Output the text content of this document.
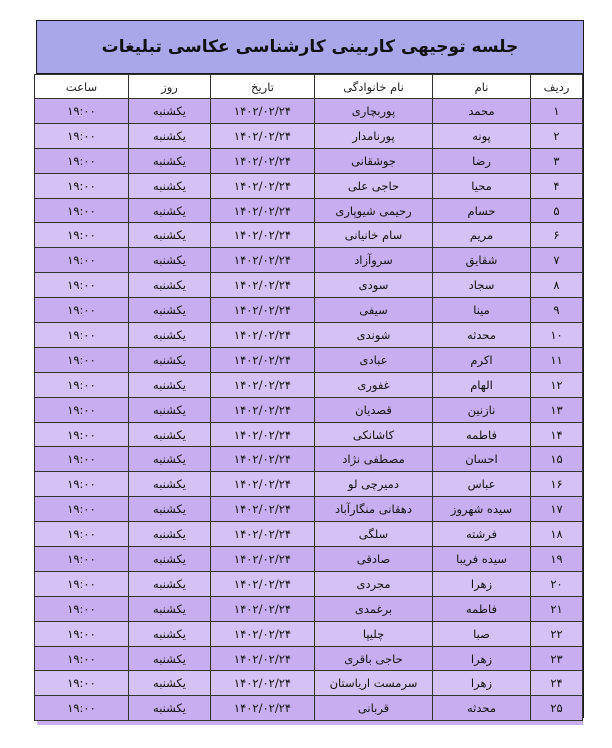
جلسه توجیهی کاربینی کارشناسی عکاسی تبلیغات
ردیف	نام	نام خانوادگی	تاریخ	روز	ساعت
۱	محمد	پوربچاری	۱۴۰۲/۰۲/۲۴	یکشنبه	۱۹:۰۰
۲	پونه	پورنامدار	۱۴۰۲/۰۲/۲۴	یکشنبه	۱۹:۰۰
۳	رضا	جوشقانی	۱۴۰۲/۰۲/۲۴	یکشنبه	۱۹:۰۰
۴	محیا	حاجی علی	۱۴۰۲/۰۲/۲۴	یکشنبه	۱۹:۰۰
۵	حسام	رحیمی شیوپاری	۱۴۰۲/۰۲/۲۴	یکشنبه	۱۹:۰۰
۶	مریم	سام خانیانی	۱۴۰۲/۰۲/۲۴	یکشنبه	۱۹:۰۰
۷	شقایق	سروآزاد	۱۴۰۲/۰۲/۲۴	یکشنبه	۱۹:۰۰
۸	سجاد	سودی	۱۴۰۲/۰۲/۲۴	یکشنبه	۱۹:۰۰
۹	مینا	سیفی	۱۴۰۲/۰۲/۲۴	یکشنبه	۱۹:۰۰
۱۰	محدثه	شوندی	۱۴۰۲/۰۲/۲۴	یکشنبه	۱۹:۰۰
۱۱	اکرم	عبادی	۱۴۰۲/۰۲/۲۴	یکشنبه	۱۹:۰۰
۱۲	الهام	غفوری	۱۴۰۲/۰۲/۲۴	یکشنبه	۱۹:۰۰
۱۳	نازنین	قصدیان	۱۴۰۲/۰۲/۲۴	یکشنبه	۱۹:۰۰
۱۴	فاطمه	کاشانکی	۱۴۰۲/۰۲/۲۴	یکشنبه	۱۹:۰۰
۱۵	احسان	مصطفی نژاد	۱۴۰۲/۰۲/۲۴	یکشنبه	۱۹:۰۰
۱۶	عباس	دمیرچی لو	۱۴۰۲/۰۲/۲۴	یکشنبه	۱۹:۰۰
۱۷	سیده شهروز	دهقانی منگارآباد	۱۴۰۲/۰۲/۲۴	یکشنبه	۱۹:۰۰
۱۸	فرشته	سلگی	۱۴۰۲/۰۲/۲۴	یکشنبه	۱۹:۰۰
۱۹	سیده فریبا	صادقی	۱۴۰۲/۰۲/۲۴	یکشنبه	۱۹:۰۰
۲۰	زهرا	مجردی	۱۴۰۲/۰۲/۲۴	یکشنبه	۱۹:۰۰
۲۱	فاطمه	برغمدی	۱۴۰۲/۰۲/۲۴	یکشنبه	۱۹:۰۰
۲۲	صبا	چلیپا	۱۴۰۲/۰۲/۲۴	یکشنبه	۱۹:۰۰
۲۳	زهرا	حاجی باقری	۱۴۰۲/۰۲/۲۴	یکشنبه	۱۹:۰۰
۲۴	زهرا	سرمست اریاستان	۱۴۰۲/۰۲/۲۴	یکشنبه	۱۹:۰۰
۲۵	محدثه	قربانی	۱۴۰۲/۰۲/۲۴	یکشنبه	۱۹:۰۰
